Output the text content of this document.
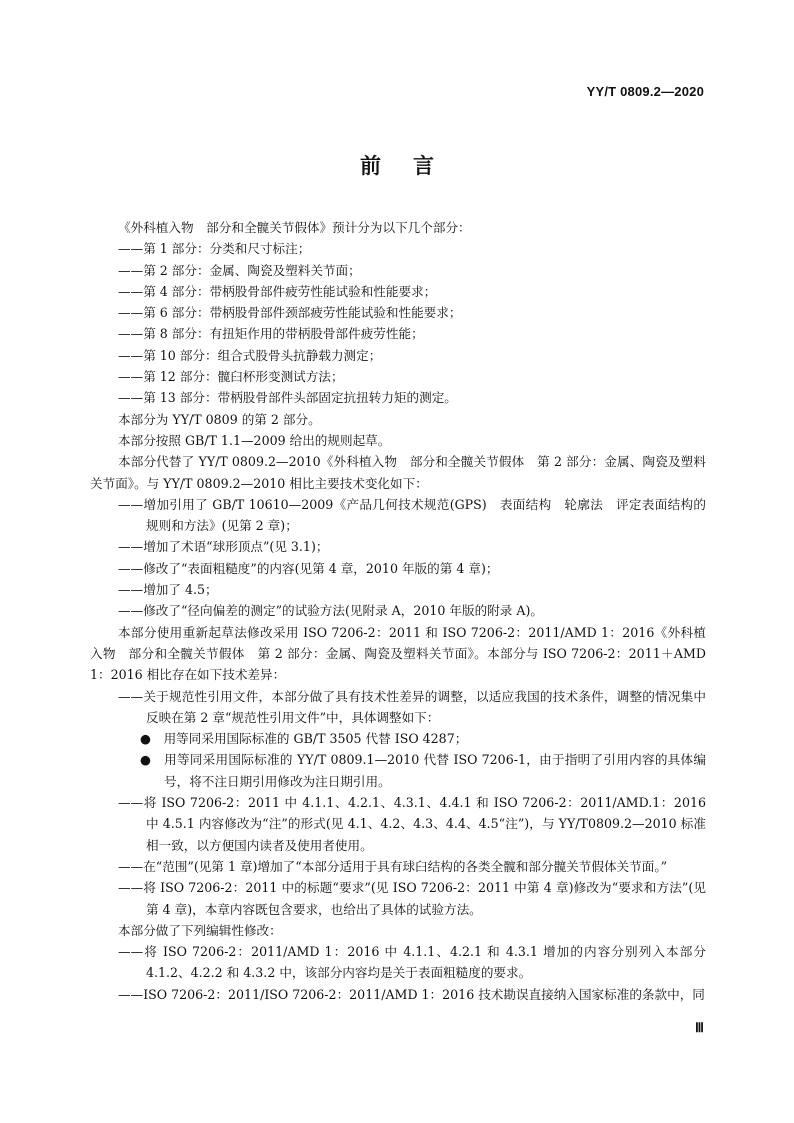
YY/T 0809.2—2020
前言

《外科植入物　部分和全髋关节假体》预计分为以下几个部分：

——第 1 部分：分类和尺寸标注；

——第 2 部分：金属、陶瓷及塑料关节面；

——第 4 部分：带柄股骨部件疲劳性能试验和性能要求；

——第 6 部分：带柄股骨部件颈部疲劳性能试验和性能要求；

——第 8 部分：有扭矩作用的带柄股骨部件疲劳性能；

——第 10 部分：组合式股骨头抗静载力测定；

——第 12 部分：髋臼杯形变测试方法；

——第 13 部分：带柄股骨部件头部固定抗扭转力矩的测定。

本部分为 YY/T 0809 的第 2 部分。

本部分按照 GB/T 1.1—2009 给出的规则起草。

本部分代替了 YY/T 0809.2—2010《外科植入物　部分和全髋关节假体　第 2 部分：金属、陶瓷及塑料关节面》。与 YY/T 0809.2—2010 相比主要技术变化如下：

——增加引用了 GB/T 10610—2009《产品几何技术规范(GPS)　表面结构　轮廓法　评定表面结构的规则和方法》(见第 2 章)；

——增加了术语“球形顶点”(见 3.1)；

——修改了“表面粗糙度”的内容(见第 4 章，2010 年版的第 4 章)；

——增加了 4.5；

——修改了“径向偏差的测定”的试验方法(见附录 A，2010 年版的附录 A)。

本部分使用重新起草法修改采用 ISO 7206-2：2011 和 ISO 7206-2：2011/AMD 1：2016《外科植入物　部分和全髋关节假体　第 2 部分：金属、陶瓷及塑料关节面》。本部分与 ISO 7206-2：2011＋AMD 1：2016 相比存在如下技术差异：

——关于规范性引用文件，本部分做了具有技术性差异的调整，以适应我国的技术条件，调整的情况集中反映在第 2 章“规范性引用文件”中，具体调整如下：

●　用等同采用国际标准的 GB/T 3505 代替 ISO 4287；

●　用等同采用国际标准的 YY/T 0809.1—2010 代替 ISO 7206-1，由于指明了引用内容的具体编号，将不注日期引用修改为注日期引用。

——将 ISO 7206-2：2011 中 4.1.1、4.2.1、4.3.1、4.4.1 和 ISO 7206-2：2011/AMD.1：2016 中 4.5.1 内容修改为“注”的形式(见 4.1、4.2、4.3、4.4、4.5“注”)，与 YY/T0809.2—2010 标准相一致，以方便国内读者及使用者使用。

——在“范围”(见第 1 章)增加了“本部分适用于具有球臼结构的各类全髋和部分髋关节假体关节面。”

——将 ISO 7206-2：2011 中的标题“要求”(见 ISO 7206-2：2011 中第 4 章)修改为“要求和方法”(见第 4 章)，本章内容既包含要求，也给出了具体的试验方法。

本部分做了下列编辑性修改：

——将 ISO 7206-2：2011/AMD 1：2016 中 4.1.1、4.2.1 和 4.3.1 增加的内容分别列入本部分 4.1.2、4.2.2 和 4.3.2 中，该部分内容均是关于表面粗糙度的要求。

——ISO 7206-2：2011/ISO 7206-2：2011/AMD 1：2016 技术勘误直接纳入国家标准的条款中，同

Ⅲ
